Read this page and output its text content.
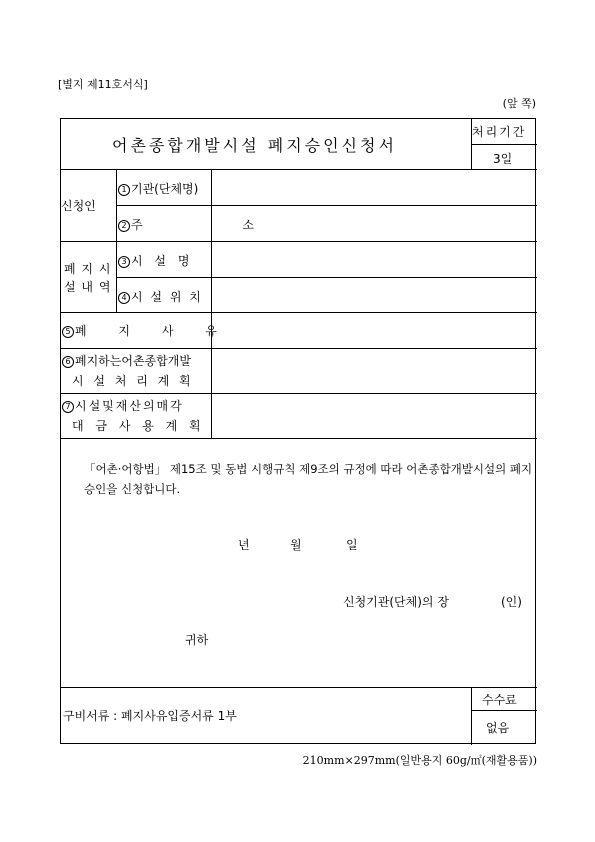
[별지 제11호서식]
(앞 쪽)
어촌종합개발시설 폐지승인신청서
처리기간
3일
신청인
1 기관(단체명)
2 주 소
폐 지 시
설 내 역
3 시 설 명
4 시 설 위 치
5 폐 지 사 유
6 폐지하는어촌종합개발
시 설 처 리 계 획
7 시설및재산의매각
대 금 사 용 계 획
「어촌·어항법」 제15조 및 동법 시행규칙 제9조의 규정에 따라 어촌종합개발시설의 폐지승인을 신청합니다.
년	월	일
신청기관(단체)의 장	(인)
귀하
구비서류 : 폐지사유입증서류 1부
수수료
없음
210mm×297mm(일반용지 60g/㎡(재활용품))
